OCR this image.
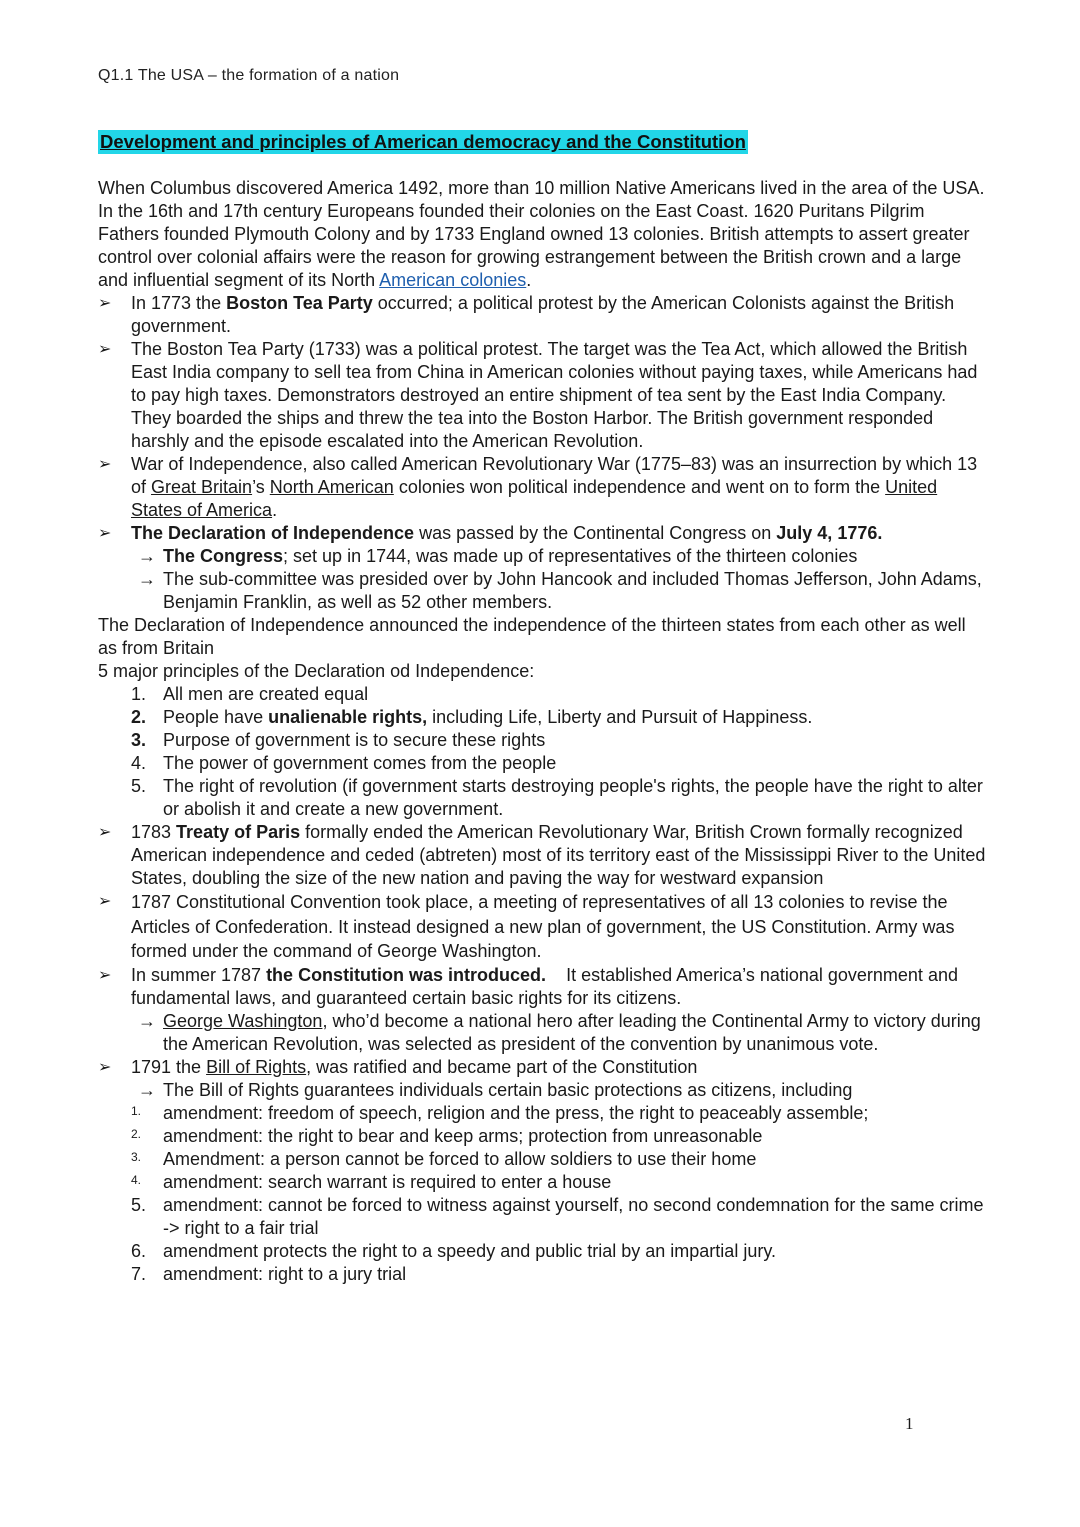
Q1.1 The USA – the formation of a nation
Development and principles of American democracy and the Constitution

When Columbus discovered America 1492, more than 10 million Native Americans lived in the area of the USA. In the 16th and 17th century Europeans founded their colonies on the East Coast. 1620 Puritans Pilgrim Fathers founded Plymouth Colony and by 1733 England owned 13 colonies. British attempts to assert greater control over colonial affairs were the reason for growing estrangement between the British crown and a large and influential segment of its North American colonies.

➢ In 1773 the Boston Tea Party occurred; a political protest by the American Colonists against the British government.
➢ The Boston Tea Party (1733) was a political protest. The target was the Tea Act, which allowed the British East India company to sell tea from China in American colonies without paying taxes, while Americans had to pay high taxes. Demonstrators destroyed an entire shipment of tea sent by the East India Company. They boarded the ships and threw the tea into the Boston Harbor. The British government responded harshly and the episode escalated into the American Revolution.
➢ War of Independence, also called American Revolutionary War (1775–83) was an insurrection by which 13 of Great Britain’s North American colonies won political independence and went on to form the United States of America.
➢ The Declaration of Independence was passed by the Continental Congress on July 4, 1776.
→ The Congress; set up in 1744, was made up of representatives of the thirteen colonies
→ The sub-committee was presided over by John Hancook and included Thomas Jefferson, John Adams, Benjamin Franklin, as well as 52 other members.

The Declaration of Independence announced the independence of the thirteen states from each other as well as from Britain

5 major principles of the Declaration od Independence:

1. All men are created equal
2. People have unalienable rights, including Life, Liberty and Pursuit of Happiness.
3. Purpose of government is to secure these rights
4. The power of government comes from the people
5. The right of revolution (if government starts destroying people's rights, the people have the right to alter or abolish it and create a new government.
➢ 1783 Treaty of Paris formally ended the American Revolutionary War, British Crown formally recognized American independence and ceded (abtreten) most of its territory east of the Mississippi River to the United States, doubling the size of the new nation and paving the way for westward expansion
➢ 1787 Constitutional Convention took place, a meeting of representatives of all 13 colonies to revise the Articles of Confederation. It instead designed a new plan of government, the US Constitution. Army was formed under the command of George Washington.
➢ In summer 1787 the Constitution was introduced.    It established America’s national government and fundamental laws, and guaranteed certain basic rights for its citizens.
→ George Washington, who’d become a national hero after leading the Continental Army to victory during the American Revolution, was selected as president of the convention by unanimous vote.
➢ 1791 the Bill of Rights, was ratified and became part of the Constitution
→ The Bill of Rights guarantees individuals certain basic protections as citizens, including
1. amendment: freedom of speech, religion and the press, the right to peaceably assemble;
2. amendment: the right to bear and keep arms; protection from unreasonable
3. Amendment: a person cannot be forced to allow soldiers to use their home
4. amendment: search warrant is required to enter a house
5. amendment: cannot be forced to witness against yourself, no second condemnation for the same crime -> right to a fair trial
6. amendment protects the right to a speedy and public trial by an impartial jury.
7. amendment: right to a jury trial
1
